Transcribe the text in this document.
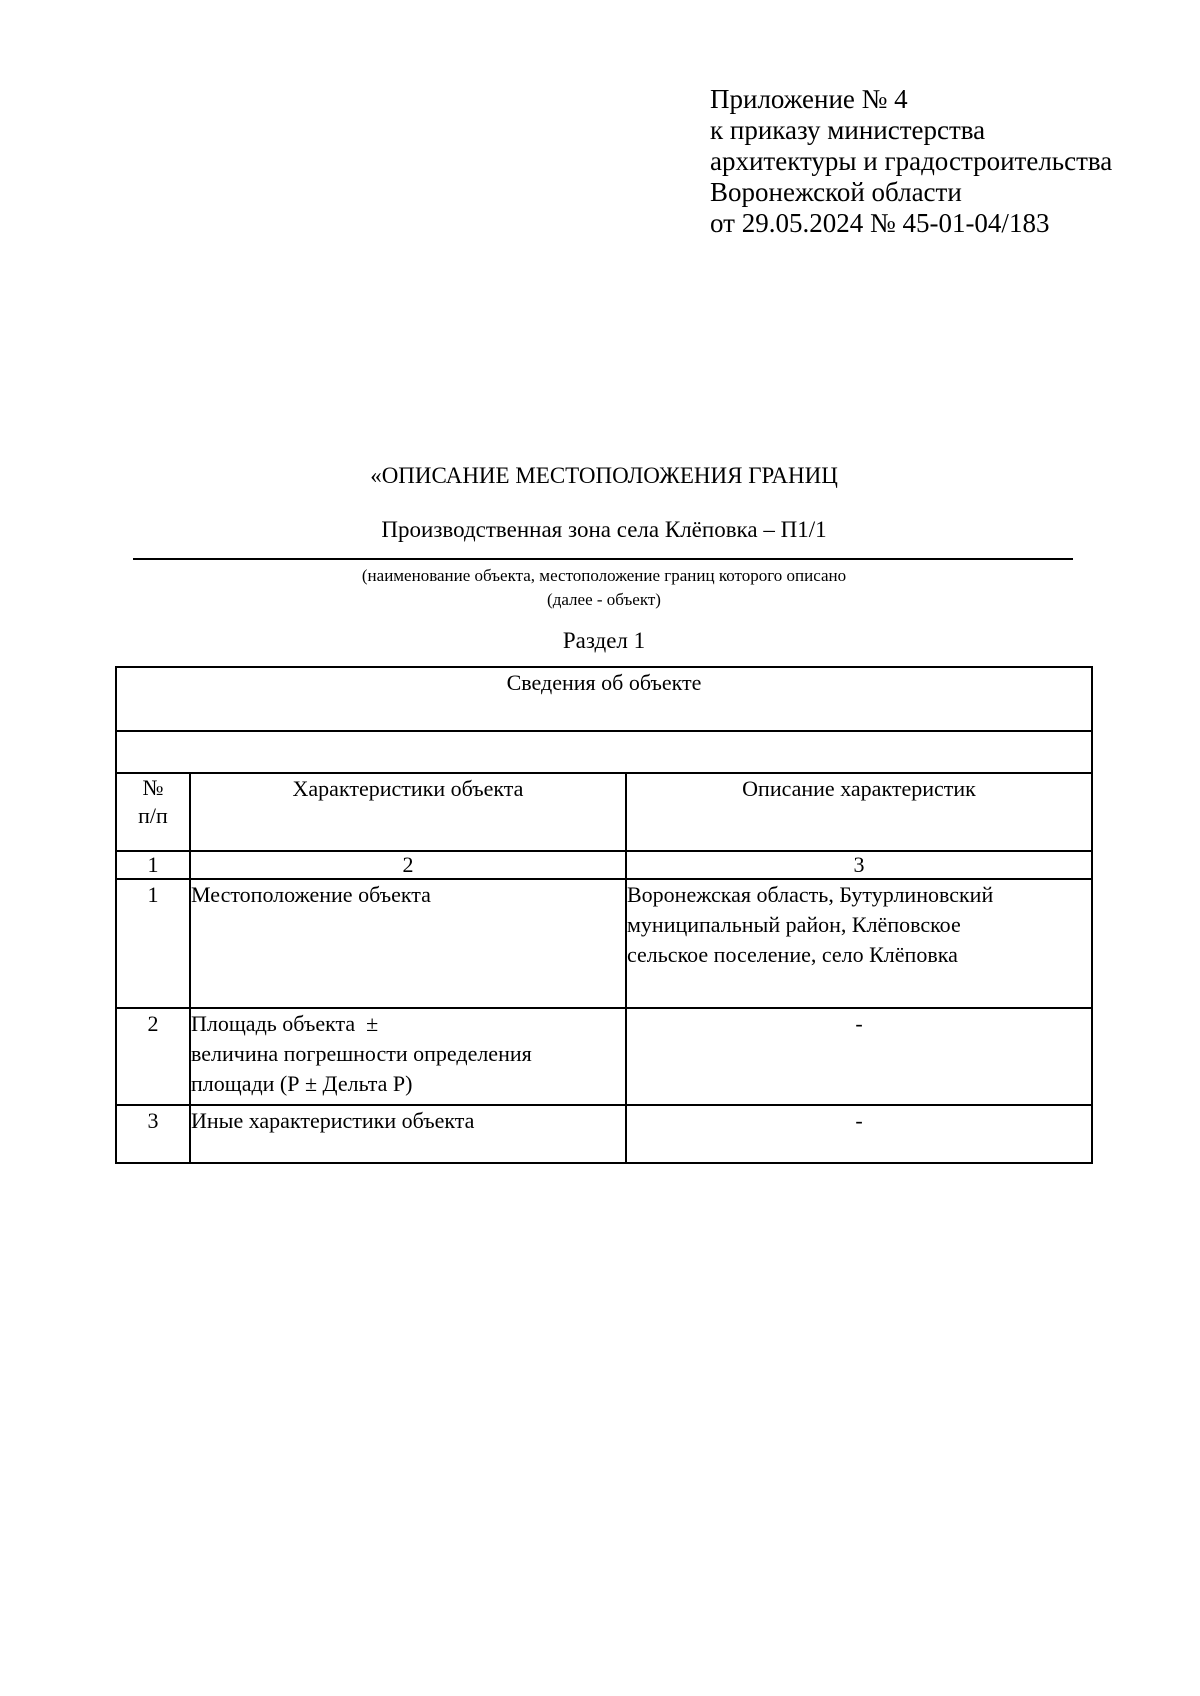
Приложение № 4
к приказу министерства
архитектуры и градостроительства
Воронежской области
от 29.05.2024 № 45-01-04/183
«ОПИСАНИЕ МЕСТОПОЛОЖЕНИЯ ГРАНИЦ
Производственная зона села Клёповка – П1/1
(наименование объекта, местоположение границ которого описано
(далее - объект)
Раздел 1
Сведения об объекте		

№
п/п	Характеристики объекта	Описание характеристик
1	2	3
1	Местоположение объекта	Воронежская область, Бутурлиновский
муниципальный район, Клёповское
сельское поселение, село Клёповка

2	Площадь объекта  ±
величина погрешности определения
площади (Р ± Дельта Р)	-
3	Иные характеристики объекта	-
